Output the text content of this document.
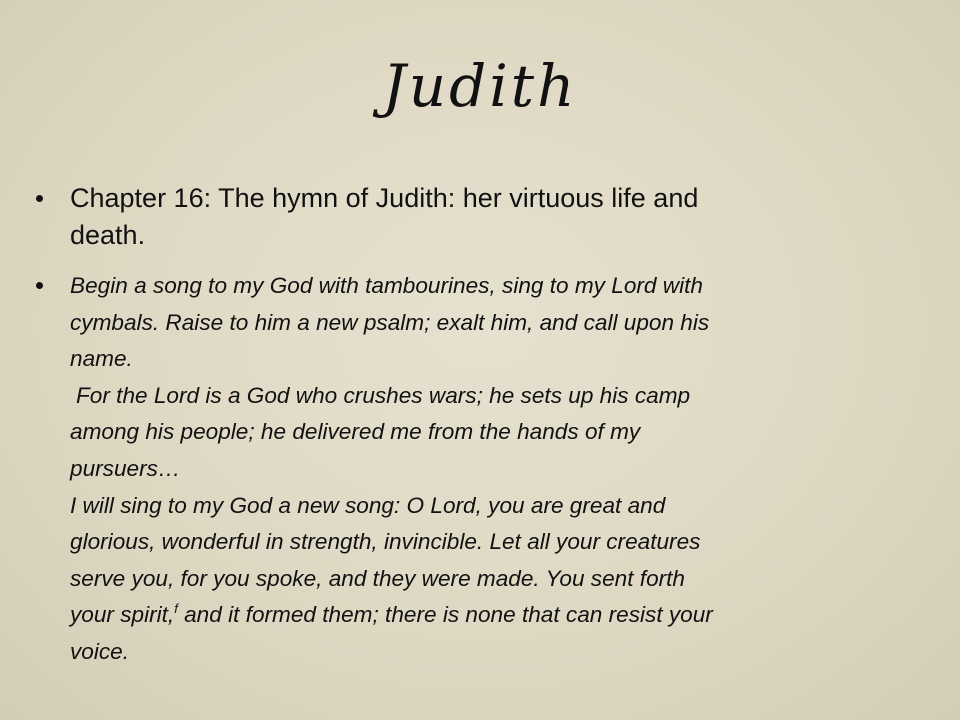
Judith
Chapter 16: The hymn of Judith: her virtuous life and
death.
Begin a song to my God with tambourines, sing to my Lord with
cymbals. Raise to him a new psalm; exalt him, and call upon his
name.
For the Lord is a God who crushes wars; he sets up his camp
among his people; he delivered me from the hands of my
pursuers…
I will sing to my God a new song: O Lord, you are great and
glorious, wonderful in strength, invincible. Let all your creatures
serve you, for you spoke, and they were made. You sent forth
your spirit,$^f$ and it formed them; there is none that can resist your
voice.
